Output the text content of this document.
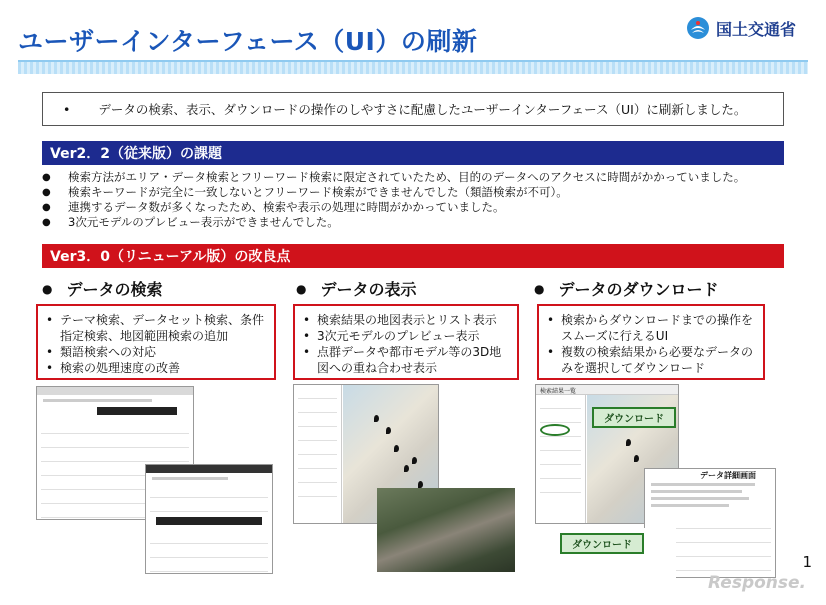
ユーザーインターフェース（UI）の刷新	国土交通省
• データの検索、表示、ダウンロードの操作のしやすさに配慮したユーザーインターフェース（UI）に刷新しました。
Ver2．2（従来版）の課題
●	検索方法がエリア・データ検索とフリーワード検索に限定されていたため、目的のデータへのアクセスに時間がかかっていました。
●	検索キーワードが完全に一致しないとフリーワード検索ができませんでした（類語検索が不可）。
●	連携するデータ数が多くなったため、検索や表示の処理に時間がかかっていました。
●	3次元モデルのプレビュー表示ができませんでした。
Ver3．0（リニューアル版）の改良点
● データの検索	● データの表示	● データのダウンロード
• テーマ検索、データセット検索、条件指定検索、地図範囲検索の追加
• 類語検索への対応
• 検索の処理速度の改善
• 検索結果の地図表示とリスト表示
• 3次元モデルのプレビュー表示
• 点群データや都市モデル等の3D地図への重ね合わせ表示
• 検索からダウンロードまでの操作をスムーズに行えるUI
• 複数の検索結果から必要なデータのみを選択してダウンロード
検索結果一覧
ダウンロード
データ詳細画面
ダウンロード
1
Response.
